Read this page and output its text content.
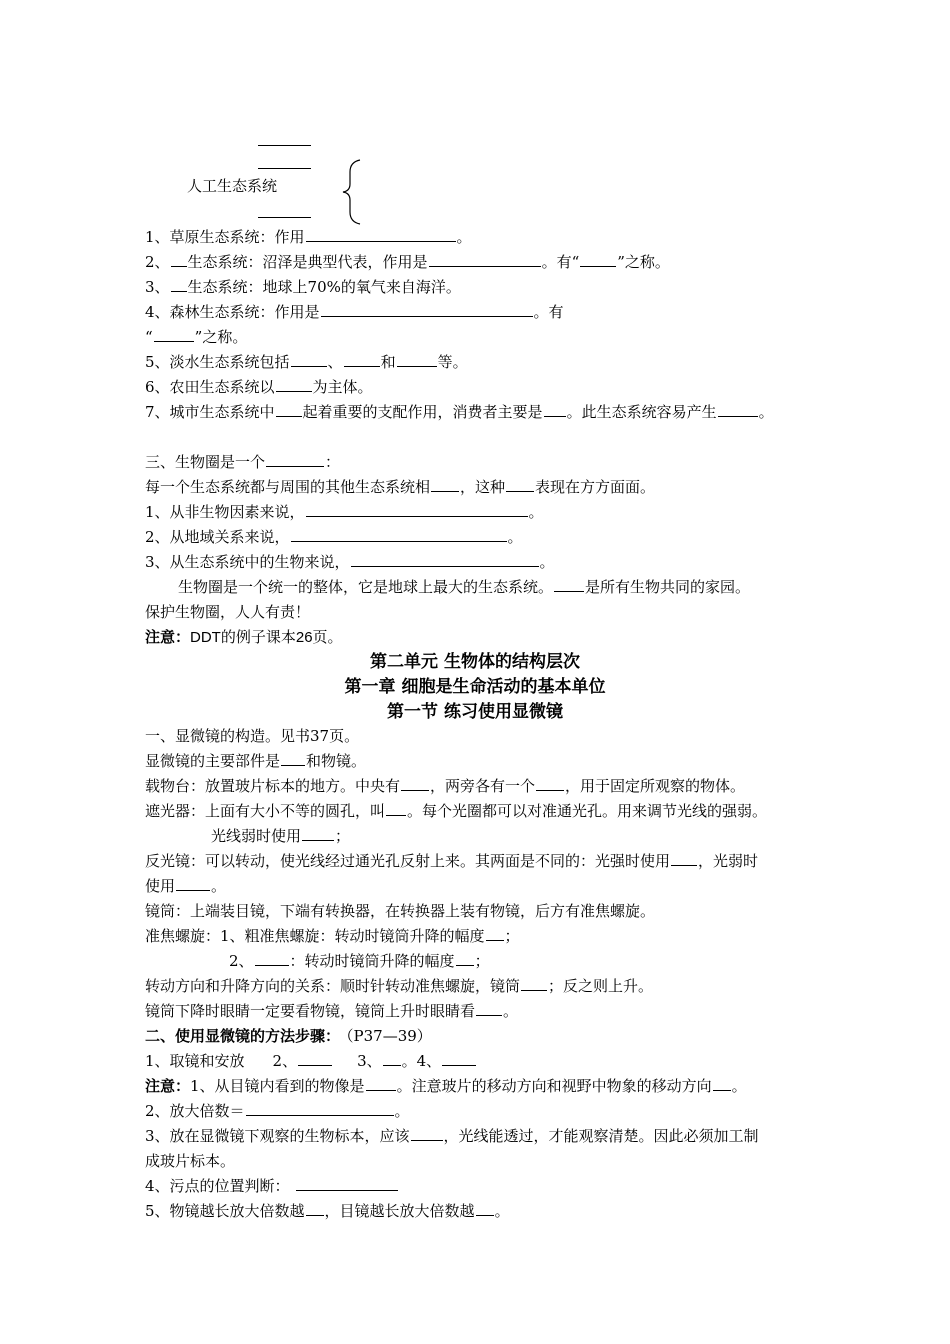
人工生态系统
1、草原生态系统：作用	。
2、 生态系统：沼泽是典型代表，作用是	。有“	”之称。
3、 生态系统：地球上70%的氧气来自海洋。
4、森林生态系统：作用是	。有
“	”之称。
5、淡水生态系统包括	、	和	等。
6、农田生态系统以	为主体。
7、城市生态系统中 起着重要的支配作用，消费者主要是 。此生态系统容易产生	。
三、生物圈是一个	：
每一个生态系统都与周围的其他生态系统相 ，这种 表现在方方面面。
1、从非生物因素来说，	。
2、从地域关系来说，	。
3、从生态系统中的生物来说，	。
生物圈是一个统一的整体，它是地球上最大的生态系统。 是所有生物共同的家园。
保护生物圈，人人有责！
注意：DDT的例子课本26页。
第二单元 生物体的结构层次
第一章 细胞是生命活动的基本单位
第一节 练习使用显微镜
一、显微镜的构造。见书37页。
显微镜的主要部件是 和物镜。
载物台：放置玻片标本的地方。中央有 ，两旁各有一个 ，用于固定所观察的物体。
遮光器：上面有大小不等的圆孔，叫 。每个光圈都可以对准通光孔。用来调节光线的强弱。
光线弱时使用 ；
反光镜：可以转动，使光线经过通光孔反射上来。其两面是不同的：光强时使用 ，光弱时
使用 。
镜筒：上端装目镜，下端有转换器，在转换器上装有物镜，后方有准焦螺旋。
准焦螺旋：1、粗准焦螺旋：转动时镜筒升降的幅度 ；
2、 ：转动时镜筒升降的幅度 ；
转动方向和升降方向的关系：顺时针转动准焦螺旋，镜筒 ；反之则上升。
镜筒下降时眼睛一定要看物镜，镜筒上升时眼睛看 。
二、使用显微镜的方法步骤： （P37—39）
1、取镜和安放 2、	3、 。4、
注意：1、从目镜内看到的物像是 。注意玻片的移动方向和视野中物象的移动方向 。
2、放大倍数＝	。
3、放在显微镜下观察的生物标本，应该 ，光线能透过，才能观察清楚。因此必须加工制
成玻片标本。
4、污点的位置判断：
5、物镜越长放大倍数越 ，目镜越长放大倍数越 。
